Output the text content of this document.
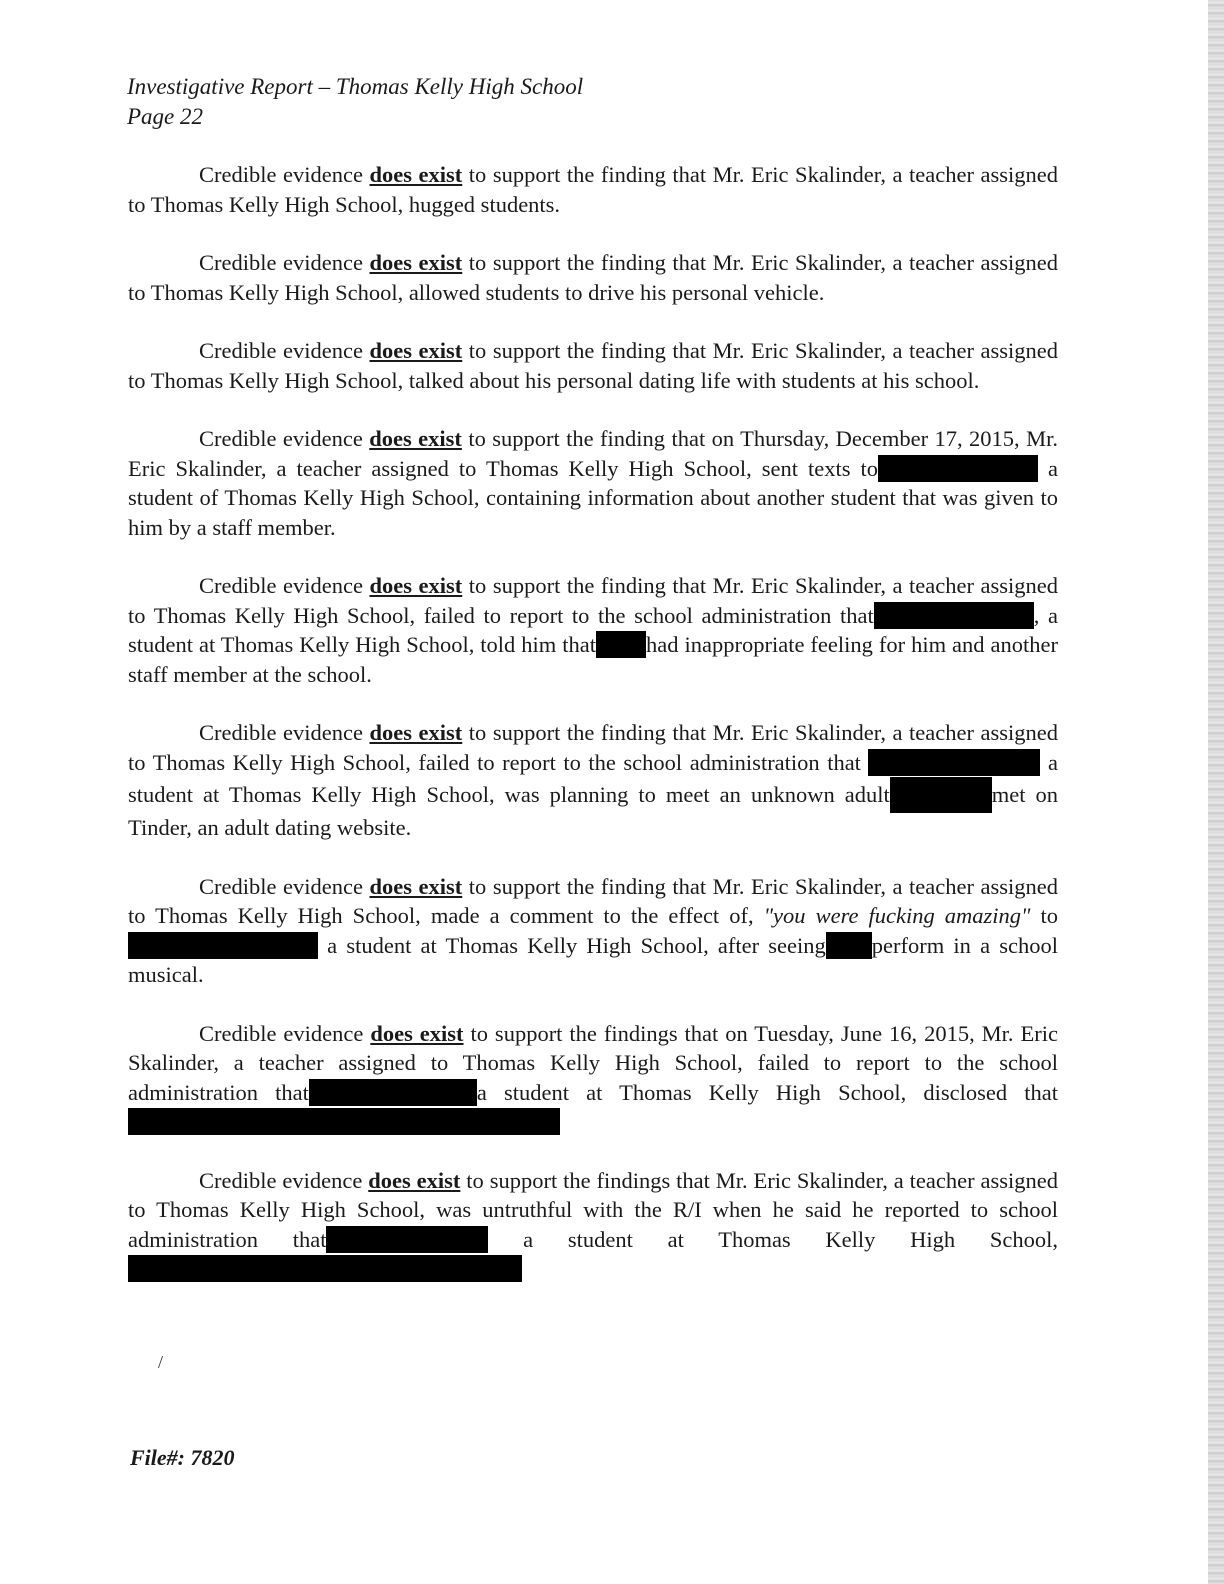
Investigative Report – Thomas Kelly High School
Page 22

Credible evidence does exist to support the finding that Mr. Eric Skalinder, a teacher assigned to Thomas Kelly High School, hugged students.

Credible evidence does exist to support the finding that Mr. Eric Skalinder, a teacher assigned to Thomas Kelly High School, allowed students to drive his personal vehicle.

Credible evidence does exist to support the finding that Mr. Eric Skalinder, a teacher assigned to Thomas Kelly High School, talked about his personal dating life with students at his school.

Credible evidence does exist to support the finding that on Thursday, December 17, 2015, Mr. Eric Skalinder, a teacher assigned to Thomas Kelly High School, sent texts to	a student of Thomas Kelly High School, containing information about another student that was given to him by a staff member.

Credible evidence does exist to support the finding that Mr. Eric Skalinder, a teacher assigned to Thomas Kelly High School, failed to report to the school administration that	, a student at Thomas Kelly High School, told him that had inappropriate feeling for him and another staff member at the school.

Credible evidence does exist to support the finding that Mr. Eric Skalinder, a teacher assigned to Thomas Kelly High School, failed to report to the school administration that	a student at Thomas Kelly High School, was planning to meet an unknown adult	met on Tinder, an adult dating website.

Credible evidence does exist to support the finding that Mr. Eric Skalinder, a teacher assigned to Thomas Kelly High School, made a comment to the effect of, "you were fucking amazing" to a student at Thomas Kelly High School, after seeing perform in a school musical.

Credible evidence does exist to support the findings that on Tuesday, June 16, 2015, Mr. Eric Skalinder, a teacher assigned to Thomas Kelly High School, failed to report to the school administration that	a student at Thomas Kelly High School, disclosed that

Credible evidence does exist to support the findings that Mr. Eric Skalinder, a teacher assigned to Thomas Kelly High School, was untruthful with the R/I when he said he reported to school administration that	a student at Thomas Kelly High School,

/
File#: 7820
